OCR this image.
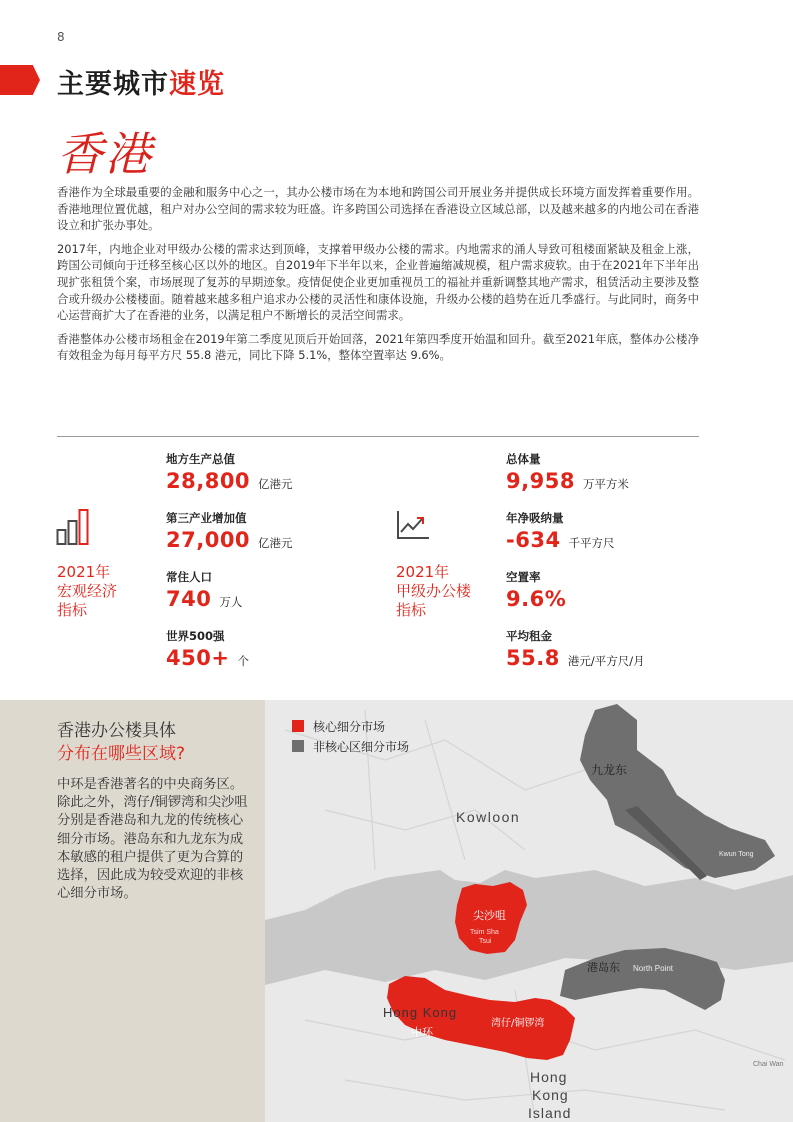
8
主要城市速览
香港

香港作为全球最重要的金融和服务中心之一，其办公楼市场在为本地和跨国公司开展业务并提供成长环境方面发挥着重要作用。香港地理位置优越，租户对办公空间的需求较为旺盛。许多跨国公司选择在香港设立区域总部，以及越来越多的内地公司在香港设立和扩张办事处。

2017年，内地企业对甲级办公楼的需求达到顶峰，支撑着甲级办公楼的需求。内地需求的涌人导致可租楼面紧缺及租金上涨，跨国公司倾向于迁移至核心区以外的地区。自2019年下半年以来，企业普遍缩减规模，租户需求疲软。由于在2021年下半年出现扩张租赁个案，市场展现了复苏的早期迹象。疫情促使企业更加重视员工的福祉并重新调整其地产需求，租赁活动主要涉及整合或升级办公楼楼面。随着越来越多租户追求办公楼的灵活性和康体设施，升级办公楼的趋势在近几季盛行。与此同时，商务中心运营商扩大了在香港的业务，以满足租户不断增长的灵活空间需求。

香港整体办公楼市场租金在2019年第二季度见顶后开始回落，2021年第四季度开始温和回升。截至2021年底，整体办公楼净有效租金为每月每平方尺 55.8 港元，同比下降 5.1%，整体空置率达 9.6%。

2021年
宏观经济
指标
地方生产总值
28,800 亿港元
第三产业增加值
27,000 亿港元
常住人口
740 万人
世界500强
450+ 个
2021年
甲级办公楼
指标
总体量
9,958 万平方米
年净吸纳量
-634 千平方尺
空置率
9.6%
平均租金
55.8 港元/平方尺/月
香港办公楼具体
分布在哪些区域?
中环是香港著名的中央商务区。除此之外，湾仔/铜锣湾和尖沙咀分别是香港岛和九龙的传统核心细分市场。港岛东和九龙东为成本敏感的租户提供了更为合算的选择，因此成为较受欢迎的非核心细分市场。
核心细分市场
非核心区细分市场
九龙东
Kwun Tong
Kowloon
尖沙咀
Tsim Sha
Tsui
港岛东 North Point
Hong Kong
中环
湾仔/铜锣湾
Chai Wan
Hong
Kong
Island
